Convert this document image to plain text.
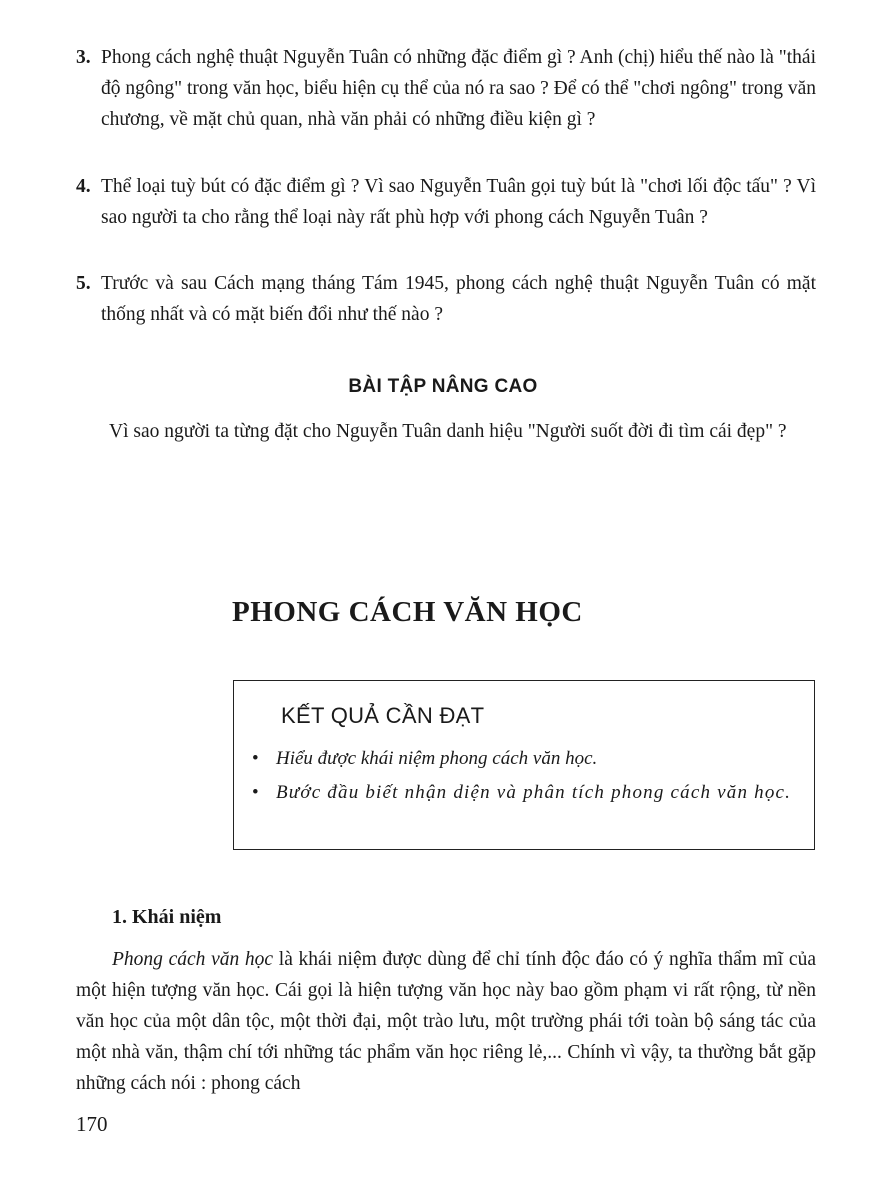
3. Phong cách nghệ thuật Nguyễn Tuân có những đặc điểm gì ? Anh (chị) hiểu thế nào là "thái độ ngông" trong văn học, biểu hiện cụ thể của nó ra sao ? Để có thể "chơi ngông" trong văn chương, về mặt chủ quan, nhà văn phải có những điều kiện gì ?
4. Thể loại tuỳ bút có đặc điểm gì ? Vì sao Nguyễn Tuân gọi tuỳ bút là "chơi lối độc tấu" ? Vì sao người ta cho rằng thể loại này rất phù hợp với phong cách Nguyễn Tuân ?
5. Trước và sau Cách mạng tháng Tám 1945, phong cách nghệ thuật Nguyễn Tuân có mặt thống nhất và có mặt biến đổi như thế nào ?
BÀI TẬP NÂNG CAO
Vì sao người ta từng đặt cho Nguyễn Tuân danh hiệu "Người suốt đời đi tìm cái đẹp" ?
PHONG CÁCH VĂN HỌC
KẾT QUẢ CẦN ĐẠT
• Hiểu được khái niệm phong cách văn học.
• Bước đầu biết nhận diện và phân tích phong cách văn học.
1. Khái niệm
Phong cách văn học là khái niệm được dùng để chỉ tính độc đáo có ý nghĩa thẩm mĩ của một hiện tượng văn học. Cái gọi là hiện tượng văn học này bao gồm phạm vi rất rộng, từ nền văn học của một dân tộc, một thời đại, một trào lưu, một trường phái tới toàn bộ sáng tác của một nhà văn, thậm chí tới những tác phẩm văn học riêng lẻ,... Chính vì vậy, ta thường bắt gặp những cách nói : phong cách
170
